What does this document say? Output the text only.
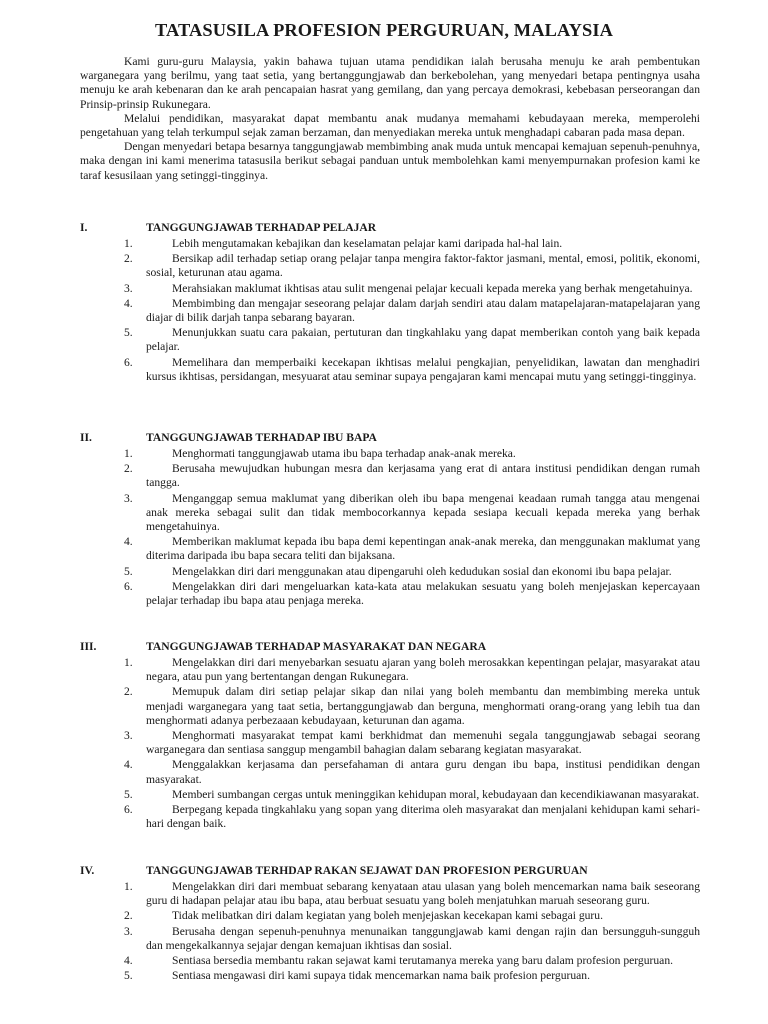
TATASUSILA PROFESION PERGURUAN, MALAYSIA

Kami guru-guru Malaysia, yakin bahawa tujuan utama pendidikan ialah berusaha menuju ke arah pembentukan warganegara yang berilmu, yang taat setia, yang bertanggungjawab dan berkebolehan, yang menyedari betapa pentingnya usaha menuju ke arah kebenaran dan ke arah pencapaian hasrat yang gemilang, dan yang percaya demokrasi, kebebasan perseorangan dan Prinsip-prinsip Rukunegara.

Melalui pendidikan, masyarakat dapat membantu anak mudanya memahami kebudayaan mereka, memperolehi pengetahuan yang telah terkumpul sejak zaman berzaman, dan menyediakan mereka untuk menghadapi cabaran pada masa depan.

Dengan menyedari betapa besarnya tanggungjawab membimbing anak muda untuk mencapai kemajuan sepenuh-penuhnya, maka dengan ini kami menerima tatasusila berikut sebagai panduan untuk membolehkan kami menyempurnakan profesion kami ke taraf kesusilaan yang setinggi-tingginya.

I.	TANGGUNGJAWAB TERHADAP PELAJAR
1.	Lebih mengutamakan kebajikan dan keselamatan pelajar kami daripada hal-hal lain.
2.	Bersikap adil terhadap setiap orang pelajar tanpa mengira faktor-faktor jasmani, mental, emosi, politik, ekonomi, sosial, keturunan atau agama.
3.	Merahsiakan maklumat ikhtisas atau sulit mengenai pelajar kecuali kepada mereka yang berhak mengetahuinya.
4.	Membimbing dan mengajar seseorang pelajar dalam darjah sendiri atau dalam matapelajaran-matapelajaran yang diajar di bilik darjah tanpa sebarang bayaran.
5.	Menunjukkan suatu cara pakaian, pertuturan dan tingkahlaku yang dapat memberikan contoh yang baik kepada pelajar.
6.	Memelihara dan memperbaiki kecekapan ikhtisas melalui pengkajian, penyelidikan, lawatan dan menghadiri kursus ikhtisas, persidangan, mesyuarat atau seminar supaya pengajaran kami mencapai mutu yang setinggi-tingginya.
II.	TANGGUNGJAWAB TERHADAP IBU BAPA
1.	Menghormati tanggungjawab utama ibu bapa terhadap anak-anak mereka.
2.	Berusaha mewujudkan hubungan mesra dan kerjasama yang erat di antara institusi pendidikan dengan rumah tangga.
3.	Menganggap semua maklumat yang diberikan oleh ibu bapa mengenai keadaan rumah tangga atau mengenai anak mereka sebagai sulit dan tidak membocorkannya kepada sesiapa kecuali kepada mereka yang berhak mengetahuinya.
4.	Memberikan maklumat kepada ibu bapa demi kepentingan anak-anak mereka, dan menggunakan maklumat yang diterima daripada ibu bapa secara teliti dan bijaksana.
5.	Mengelakkan diri dari menggunakan atau dipengaruhi oleh kedudukan sosial dan ekonomi ibu bapa pelajar.
6.	Mengelakkan diri dari mengeluarkan kata-kata atau melakukan sesuatu yang boleh menjejaskan kepercayaan pelajar terhadap ibu bapa atau penjaga mereka.
III.	TANGGUNGJAWAB TERHADAP MASYARAKAT DAN NEGARA
1.	Mengelakkan diri dari menyebarkan sesuatu ajaran yang boleh merosakkan kepentingan pelajar, masyarakat atau negara, atau pun yang bertentangan dengan Rukunegara.
2.	Memupuk dalam diri setiap pelajar sikap dan nilai yang boleh membantu dan membimbing mereka untuk menjadi warganegara yang taat setia, bertanggungjawab dan berguna, menghormati orang-orang yang lebih tua dan menghormati adanya perbezaaan kebudayaan, keturunan dan agama.
3.	Menghormati masyarakat tempat kami berkhidmat dan memenuhi segala tanggungjawab sebagai seorang warganegara dan sentiasa sanggup mengambil bahagian dalam sebarang kegiatan masyarakat.
4.	Menggalakkan kerjasama dan persefahaman di antara guru dengan ibu bapa, institusi pendidikan dengan masyarakat.
5.	Memberi sumbangan cergas untuk meninggikan kehidupan moral, kebudayaan dan kecendikiawanan masyarakat.
6.	Berpegang kepada tingkahlaku yang sopan yang diterima oleh masyarakat dan menjalani kehidupan kami sehari-hari dengan baik.
IV.	TANGGUNGJAWAB TERHDAP RAKAN SEJAWAT DAN PROFESION PERGURUAN
1.	Mengelakkan diri dari membuat sebarang kenyataan atau ulasan yang boleh mencemarkan nama baik seseorang guru di hadapan pelajar atau ibu bapa, atau berbuat sesuatu yang boleh menjatuhkan maruah seseorang guru.
2.	Tidak melibatkan diri dalam kegiatan yang boleh menjejaskan kecekapan kami sebagai guru.
3.	Berusaha dengan sepenuh-penuhnya menunaikan tanggungjawab kami dengan rajin dan bersungguh-sungguh dan mengekalkannya sejajar dengan kemajuan ikhtisas dan sosial.
4.	Sentiasa bersedia membantu rakan sejawat kami terutamanya mereka yang baru dalam profesion perguruan.
5.	Sentiasa mengawasi diri kami supaya tidak mencemarkan nama baik profesion perguruan.
